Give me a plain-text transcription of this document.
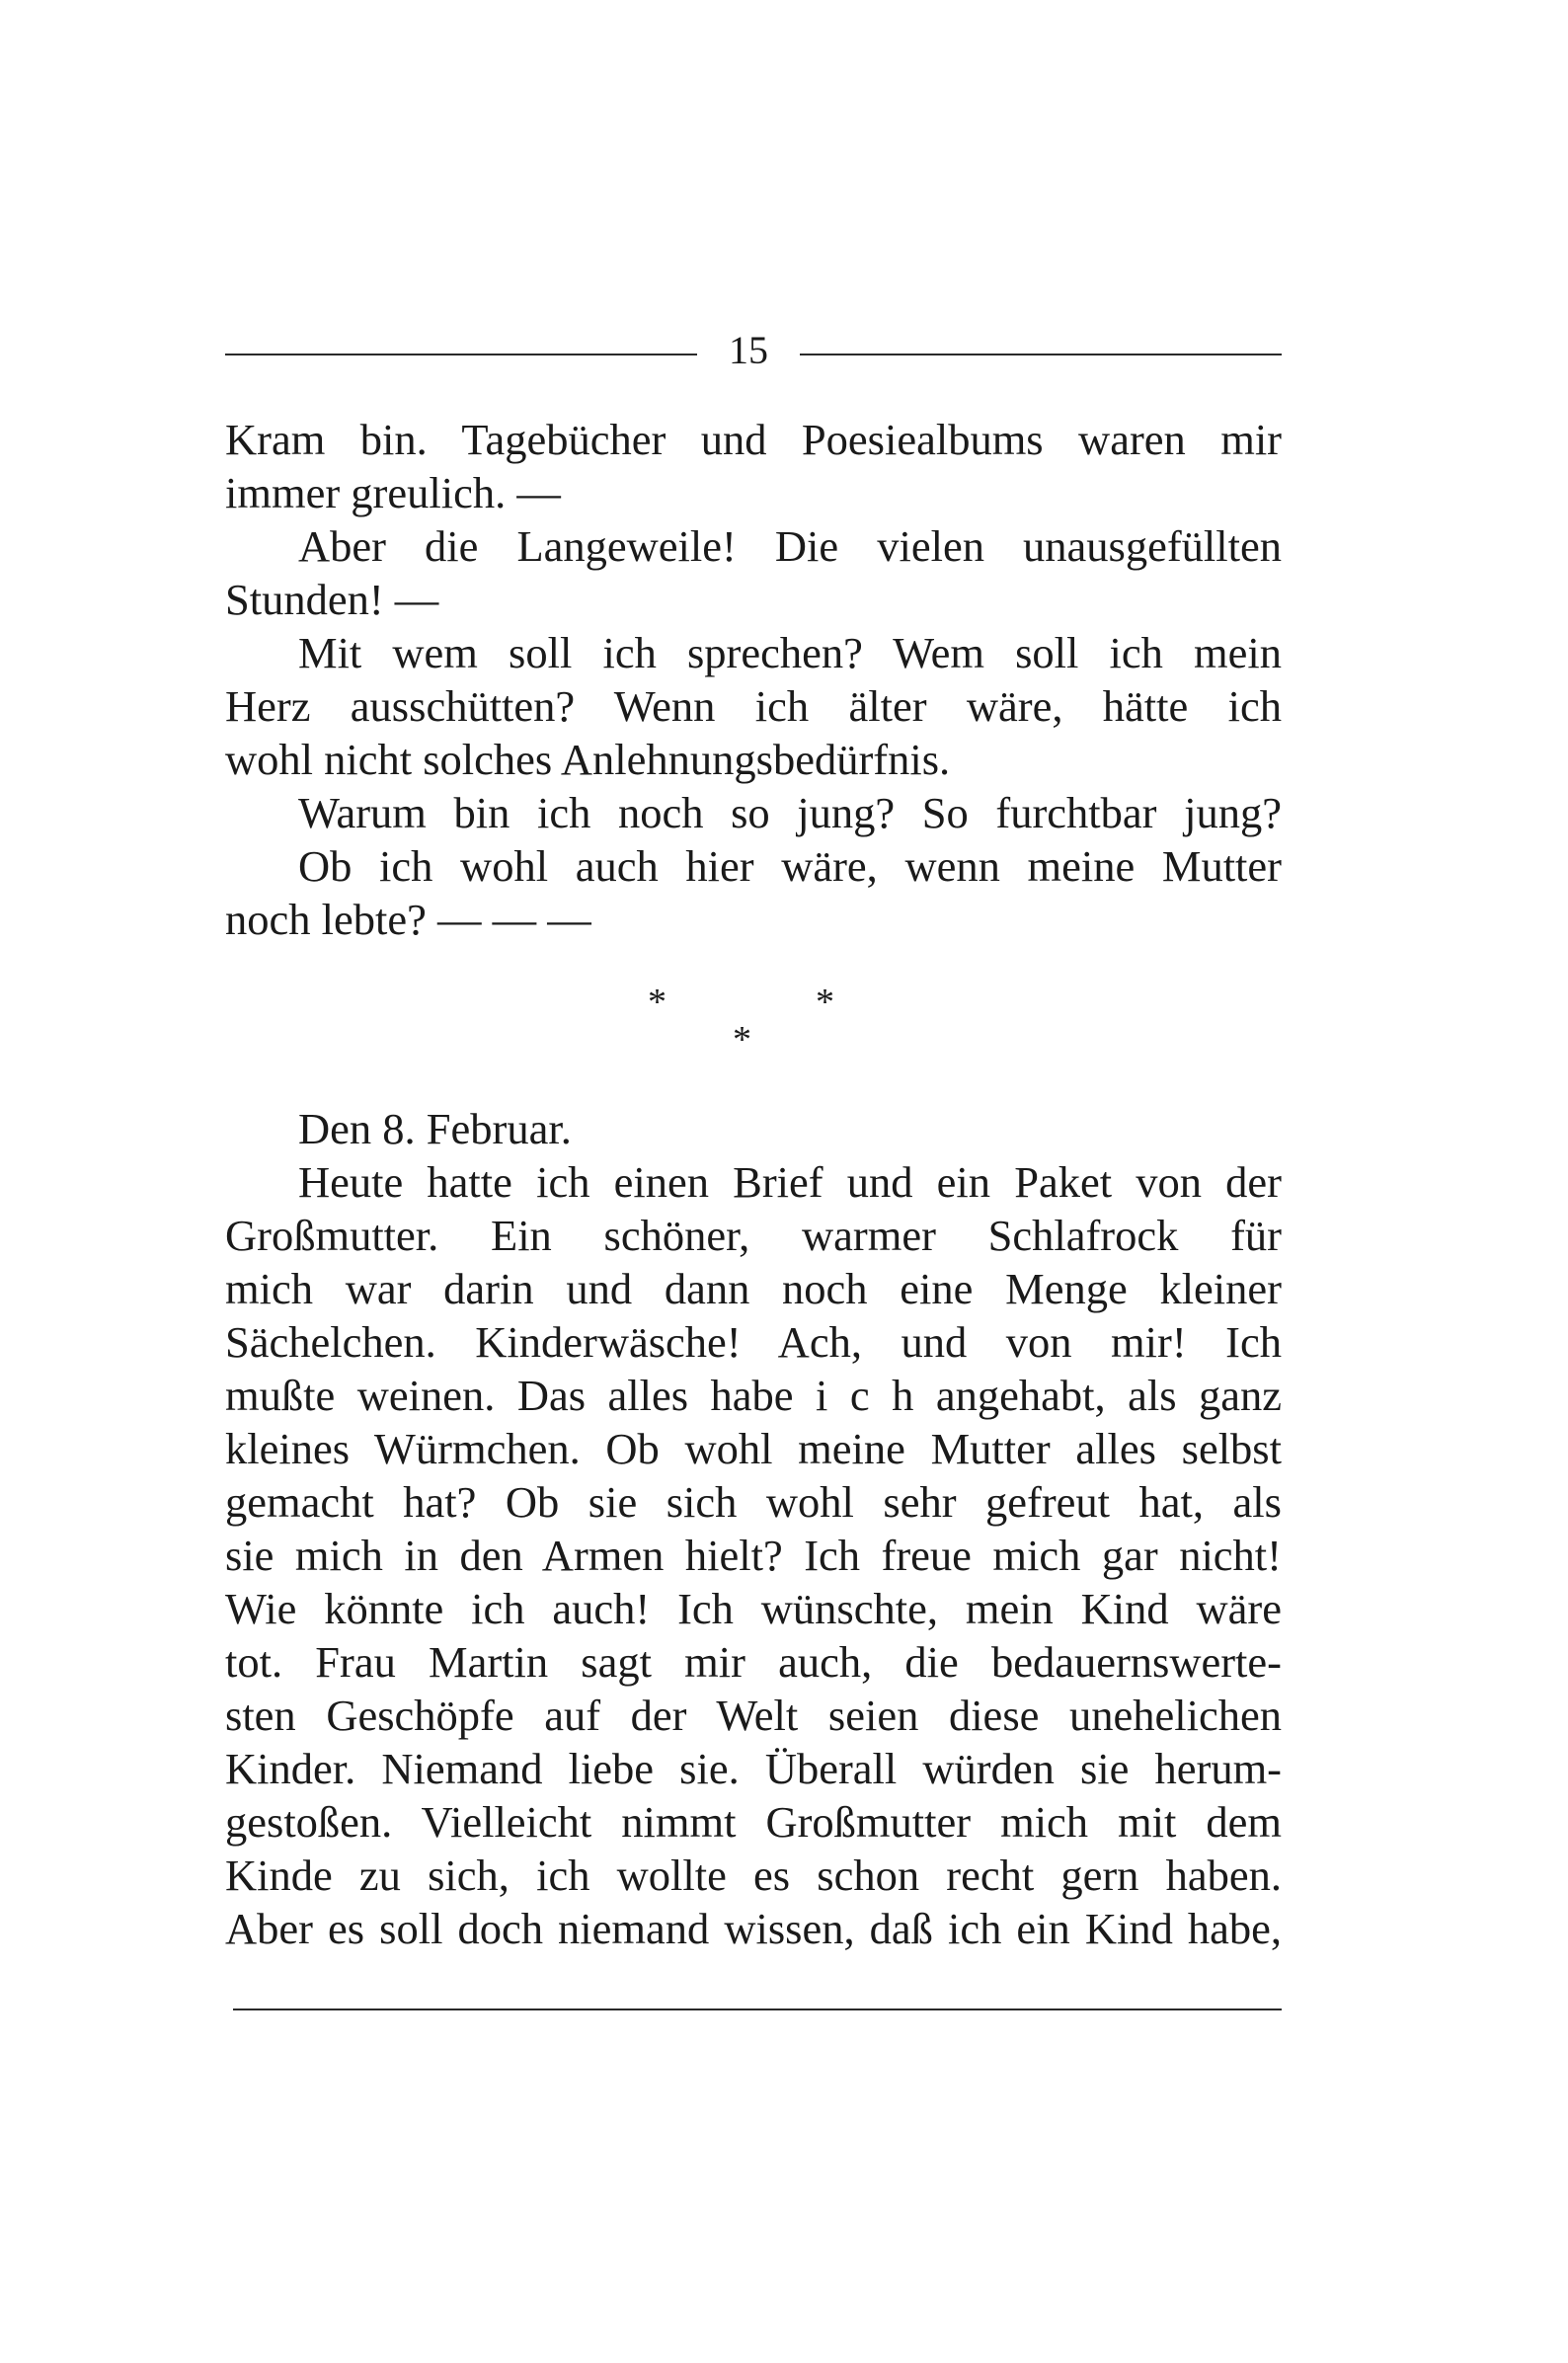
15
Kram bin. Tagebücher und Poesiealbums waren mir
immer greulich. —
Aber die Langeweile! Die vielen unausgefüllten
Stunden! —
Mit wem soll ich sprechen? Wem soll ich mein
Herz ausschütten? Wenn ich älter wäre, hätte ich
wohl nicht solches Anlehnungsbedürfnis.
Warum bin ich noch so jung? So furchtbar jung?
Ob ich wohl auch hier wäre, wenn meine Mutter
noch lebte? — — —
*	*
*
Den 8. Februar.
Heute hatte ich einen Brief und ein Paket von der
Großmutter. Ein schöner, warmer Schlafrock für
mich war darin und dann noch eine Menge kleiner
Sächelchen. Kinderwäsche! Ach, und von mir! Ich
mußte weinen. Das alles habe i c h angehabt, als ganz
kleines Würmchen. Ob wohl meine Mutter alles selbst
gemacht hat? Ob sie sich wohl sehr gefreut hat, als
sie mich in den Armen hielt? Ich freue mich gar nicht!
Wie könnte ich auch! Ich wünschte, mein Kind wäre
tot. Frau Martin sagt mir auch, die bedauernswerte-
sten Geschöpfe auf der Welt seien diese unehelichen
Kinder. Niemand liebe sie. Überall würden sie herum-
gestoßen. Vielleicht nimmt Großmutter mich mit dem
Kinde zu sich, ich wollte es schon recht gern haben.
Aber es soll doch niemand wissen, daß ich ein Kind habe,
